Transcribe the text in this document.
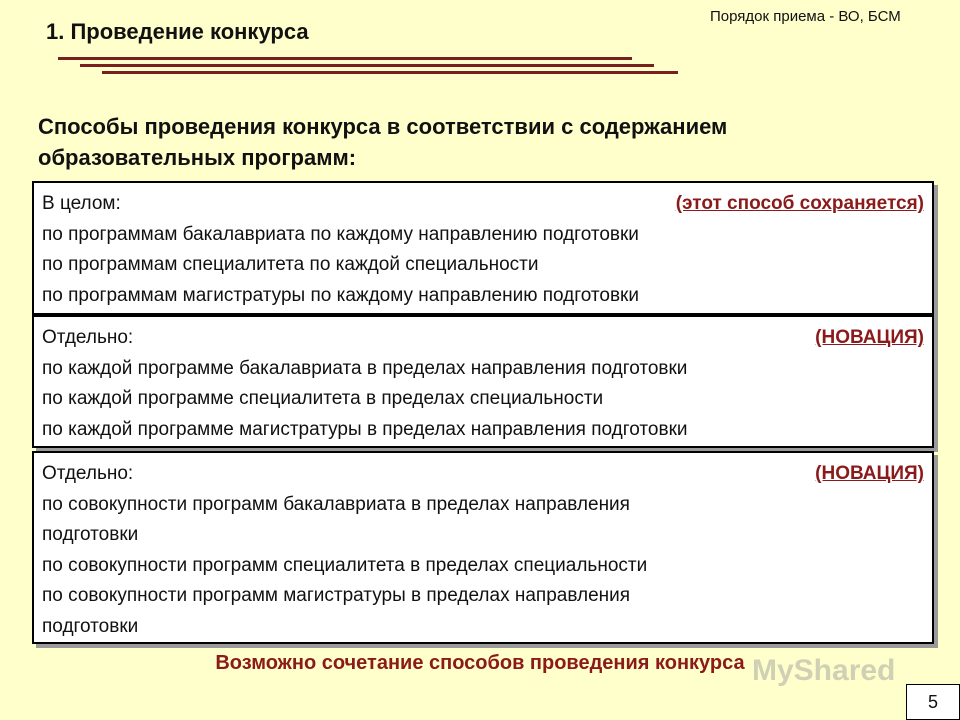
1. Проведение конкурса
Порядок приема - ВО, БСМ
Способы проведения конкурса в соответствии с содержанием
образовательных программ:
В целом:	(этот способ сохраняется)
по программам бакалавриата по каждому направлению подготовки
по программам специалитета по каждой специальности
по программам магистратуры по каждому направлению подготовки
Отдельно:	(НОВАЦИЯ)
по каждой программе бакалавриата в пределах направления подготовки
по каждой программе специалитета в пределах специальности
по каждой программе магистратуры в пределах направления подготовки
Отдельно:	(НОВАЦИЯ)
по совокупности программ бакалавриата в пределах направления
подготовки
по совокупности программ специалитета в пределах специальности
по совокупности программ магистратуры в пределах направления
подготовки
Возможно сочетание способов проведения конкурса MyShared
5
